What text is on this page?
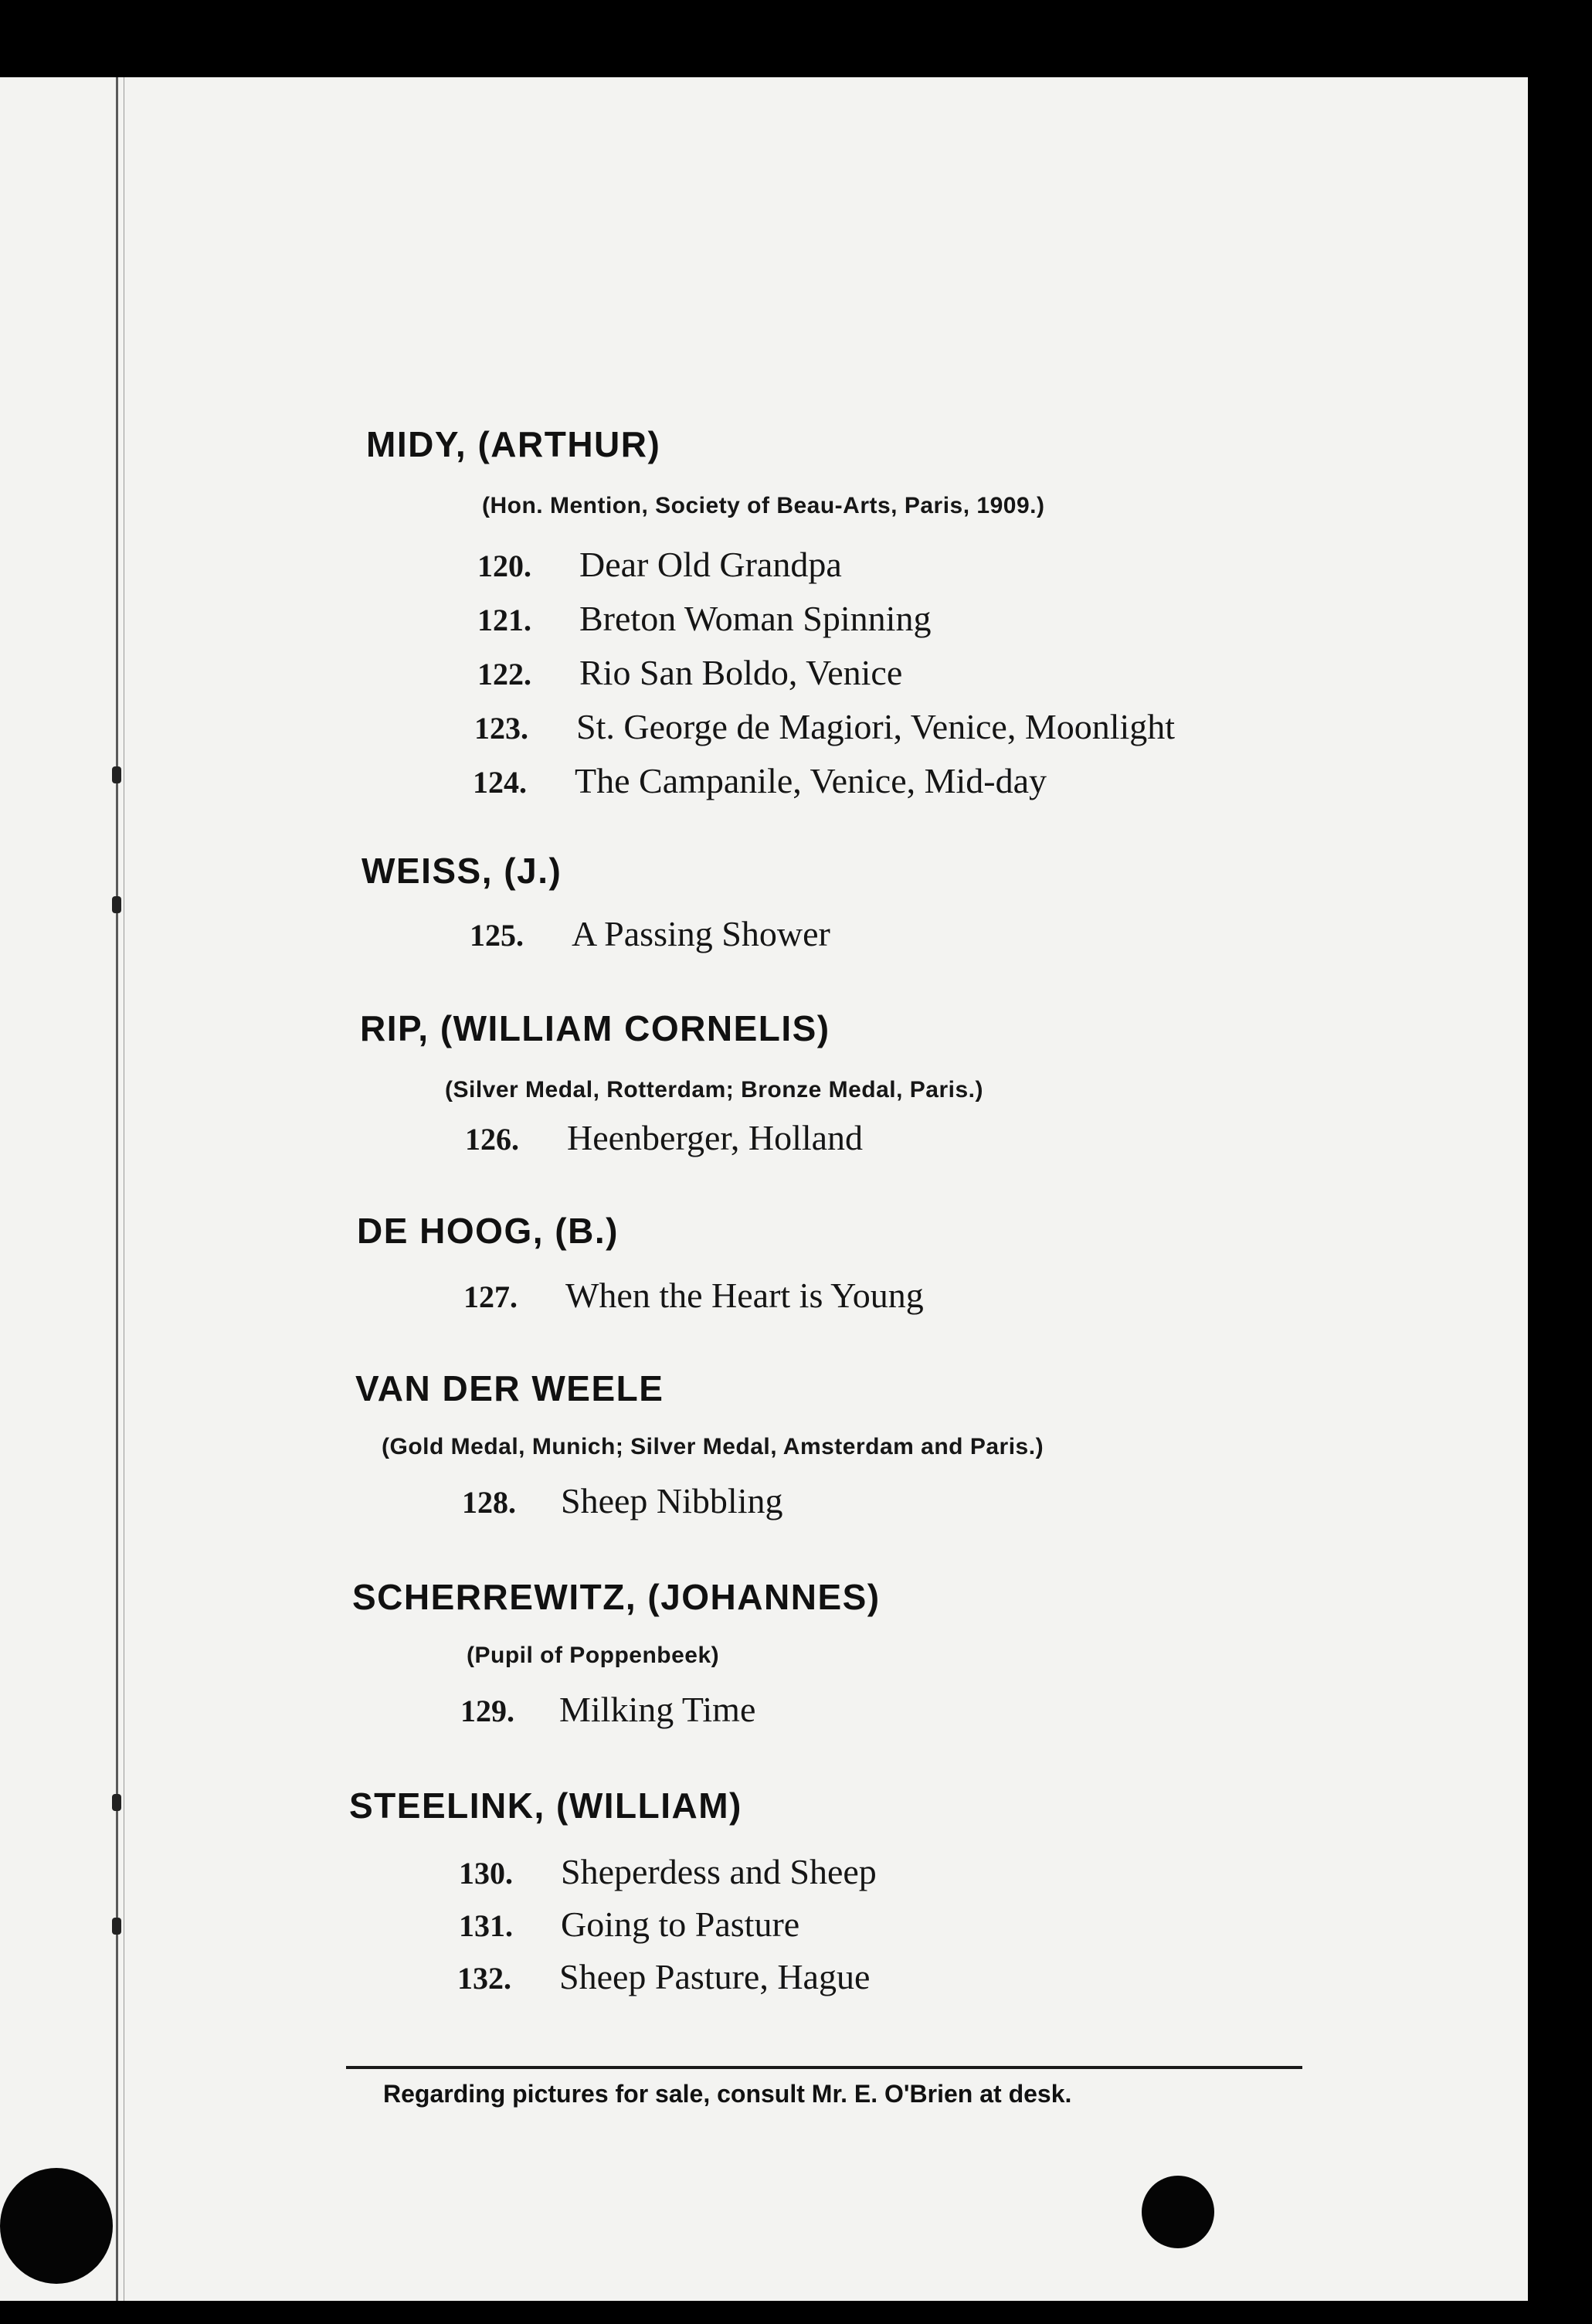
MIDY, (ARTHUR)
(Hon. Mention, Society of Beau-Arts, Paris, 1909.)
120. Dear Old Grandpa
121. Breton Woman Spinning
122. Rio San Boldo, Venice
123. St. George de Magiori, Venice, Moonlight
124. The Campanile, Venice, Mid-day
WEISS, (J.)
125. A Passing Shower
RIP, (WILLIAM CORNELIS)
(Silver Medal, Rotterdam; Bronze Medal, Paris.)
126. Heenberger, Holland
DE HOOG, (B.)
127. When the Heart is Young
VAN DER WEELE
(Gold Medal, Munich; Silver Medal, Amsterdam and Paris.)
128. Sheep Nibbling
SCHERREWITZ, (JOHANNES)
(Pupil of Poppenbeek)
129. Milking Time
STEELINK, (WILLIAM)
130. Sheperdess and Sheep
131. Going to Pasture
132. Sheep Pasture, Hague
Regarding pictures for sale, consult Mr. E. O'Brien at desk.
